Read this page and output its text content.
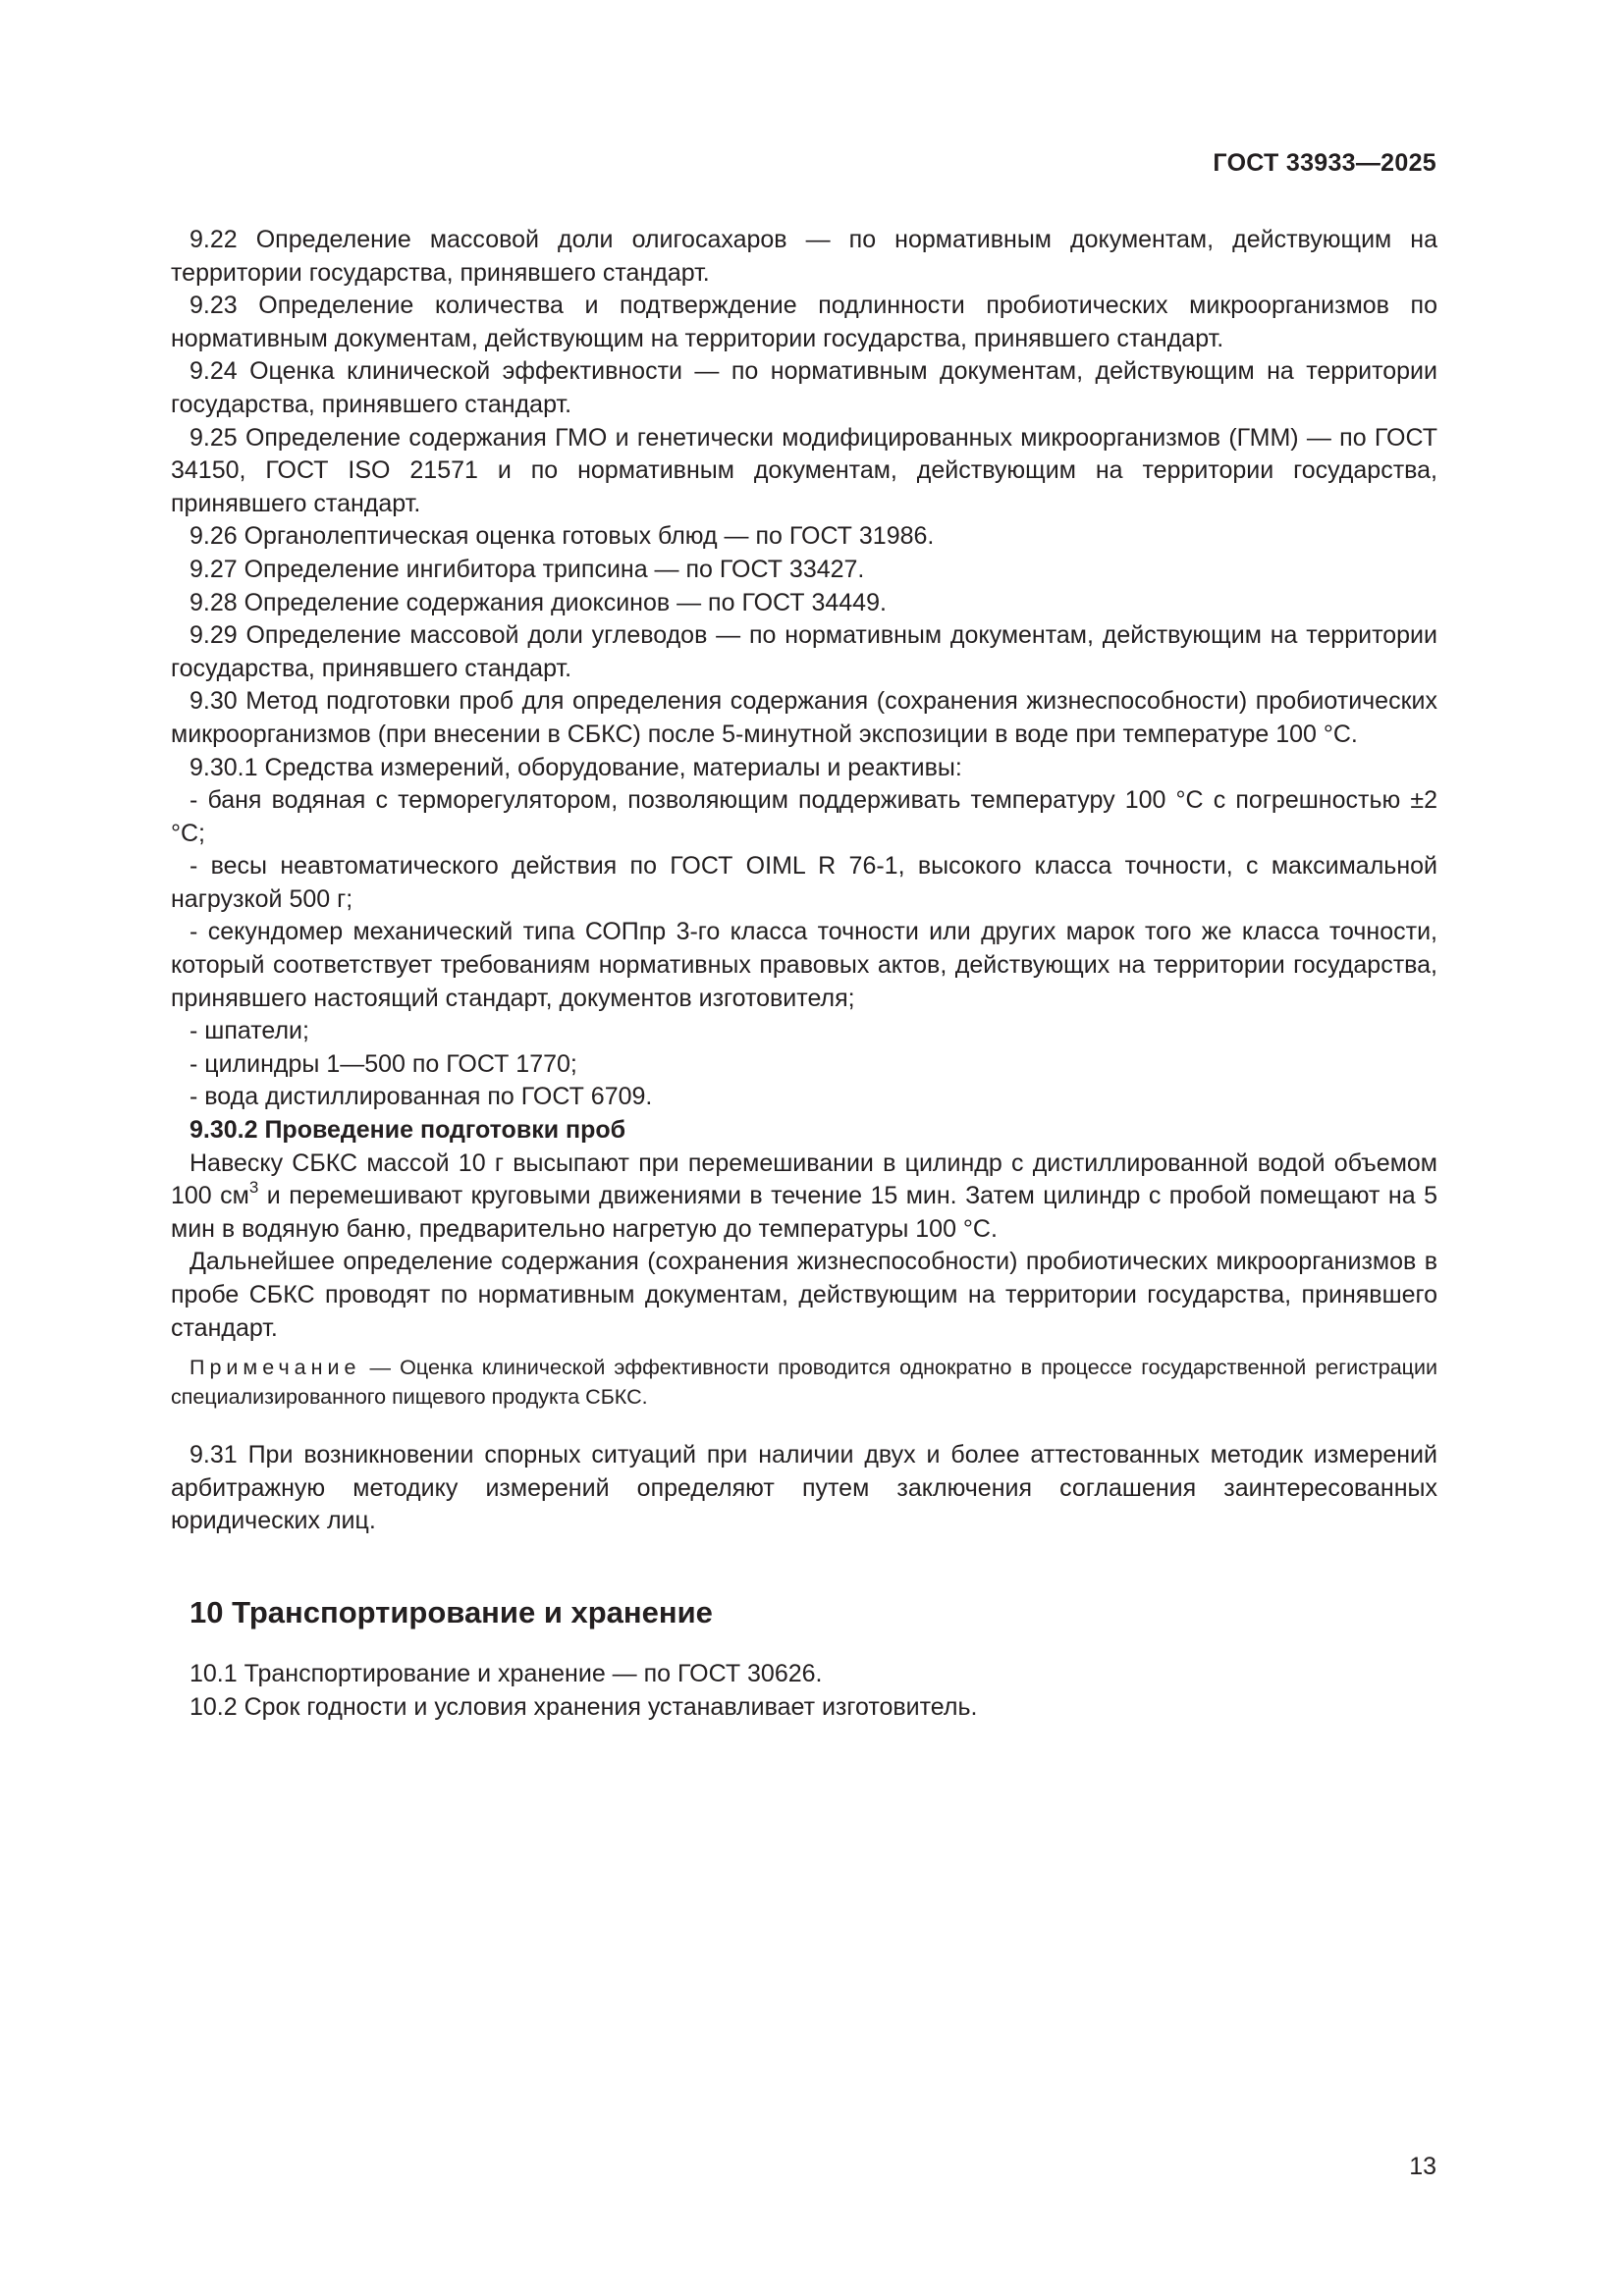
ГОСТ 33933—2025

9.22 Определение массовой доли олигосахаров — по нормативным документам, действующим на территории государства, принявшего стандарт.

9.23 Определение количества и подтверждение подлинности пробиотических микроорганизмов по нормативным документам, действующим на территории государства, принявшего стандарт.

9.24 Оценка клинической эффективности — по нормативным документам, действующим на территории государства, принявшего стандарт.

9.25 Определение содержания ГМО и генетически модифицированных микроорганизмов (ГММ) — по ГОСТ 34150, ГОСТ ISO 21571 и по нормативным документам, действующим на территории государства, принявшего стандарт.

9.26 Органолептическая оценка готовых блюд — по ГОСТ 31986.

9.27 Определение ингибитора трипсина — по ГОСТ 33427.

9.28 Определение содержания диоксинов — по ГОСТ 34449.

9.29 Определение массовой доли углеводов — по нормативным документам, действующим на территории государства, принявшего стандарт.

9.30 Метод подготовки проб для определения содержания (сохранения жизнеспособности) пробиотических микроорганизмов (при внесении в СБКС) после 5-минутной экспозиции в воде при температуре 100 °С.

9.30.1 Средства измерений, оборудование, материалы и реактивы:

- баня водяная с терморегулятором, позволяющим поддерживать температуру 100 °С с погрешностью ±2 °С;

- весы неавтоматического действия по ГОСТ OIML R 76-1, высокого класса точности, с максимальной нагрузкой 500 г;

- секундомер механический типа СОПпр 3-го класса точности или других марок того же класса точности, который соответствует требованиям нормативных правовых актов, действующих на территории государства, принявшего настоящий стандарт, документов изготовителя;

- шпатели;

- цилиндры 1—500 по ГОСТ 1770;

- вода дистиллированная по ГОСТ 6709.

9.30.2 Проведение подготовки проб

Навеску СБКС массой 10 г высыпают при перемешивании в цилиндр с дистиллированной водой объемом 100 $см^3$ и перемешивают круговыми движениями в течение 15 мин. Затем цилиндр с пробой помещают на 5 мин в водяную баню, предварительно нагретую до температуры 100 °С.

Дальнейшее определение содержания (сохранения жизнеспособности) пробиотических микроорганизмов в пробе СБКС проводят по нормативным документам, действующим на территории государства, принявшего стандарт.

Примечание — Оценка клинической эффективности проводится однократно в процессе государственной регистрации специализированного пищевого продукта СБКС.

9.31 При возникновении спорных ситуаций при наличии двух и более аттестованных методик измерений арбитражную методику измерений определяют путем заключения соглашения заинтересованных юридических лиц.

10 Транспортирование и хранение

10.1 Транспортирование и хранение — по ГОСТ 30626.

10.2 Срок годности и условия хранения устанавливает изготовитель.

13
